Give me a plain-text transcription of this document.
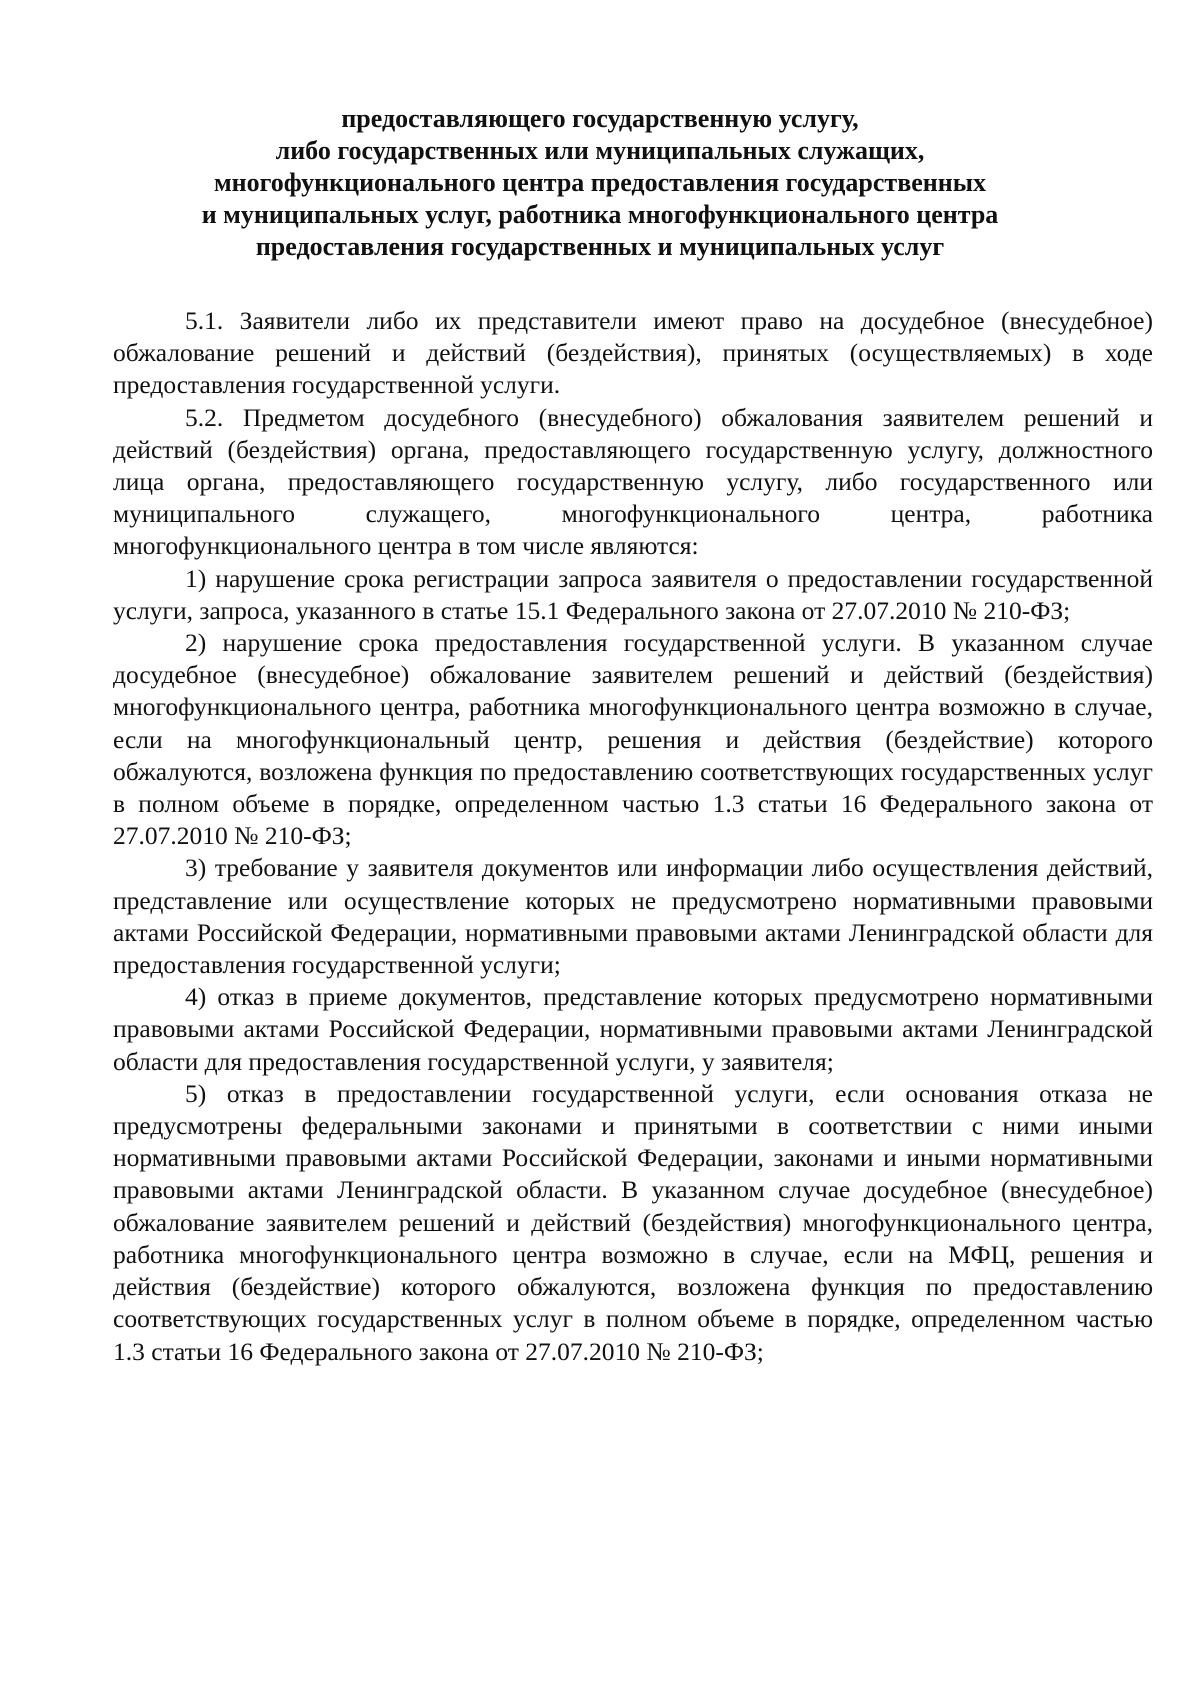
предоставляющего государственную услугу,
либо государственных или муниципальных служащих,
многофункционального центра предоставления государственных
и муниципальных услуг, работника многофункционального центра
предоставления государственных и муниципальных услуг

5.1. Заявители либо их представители имеют право на досудебное (внесудебное) обжалование решений и действий (бездействия), принятых (осуществляемых) в ходе предоставления государственной услуги.

5.2. Предметом досудебного (внесудебного) обжалования заявителем решений и действий (бездействия) органа, предоставляющего государственную услугу, должностного лица органа, предоставляющего государственную услугу, либо государственного или муниципального служащего, многофункционального центра, работника многофункционального центра в том числе являются:

1) нарушение срока регистрации запроса заявителя о предоставлении государственной услуги, запроса, указанного в статье 15.1 Федерального закона от 27.07.2010 № 210-ФЗ;

2) нарушение срока предоставления государственной услуги. В указанном случае досудебное (внесудебное) обжалование заявителем решений и действий (бездействия) многофункционального центра, работника многофункционального центра возможно в случае, если на многофункциональный центр, решения и действия (бездействие) которого обжалуются, возложена функция по предоставлению соответствующих государственных услуг в полном объеме в порядке, определенном частью 1.3 статьи 16 Федерального закона от 27.07.2010 № 210-ФЗ;

3) требование у заявителя документов или информации либо осуществления действий, представление или осуществление которых не предусмотрено нормативными правовыми актами Российской Федерации, нормативными правовыми актами Ленинградской области для предоставления государственной услуги;

4) отказ в приеме документов, представление которых предусмотрено нормативными правовыми актами Российской Федерации, нормативными правовыми актами Ленинградской области для предоставления государственной услуги, у заявителя;

5) отказ в предоставлении государственной услуги, если основания отказа не предусмотрены федеральными законами и принятыми в соответствии с ними иными нормативными правовыми актами Российской Федерации, законами и иными нормативными правовыми актами Ленинградской области. В указанном случае досудебное (внесудебное) обжалование заявителем решений и действий (бездействия) многофункционального центра, работника многофункционального центра возможно в случае, если на МФЦ, решения и действия (бездействие) которого обжалуются, возложена функция по предоставлению соответствующих государственных услуг в полном объеме в порядке, определенном частью 1.3 статьи 16 Федерального закона от 27.07.2010 № 210-ФЗ;
